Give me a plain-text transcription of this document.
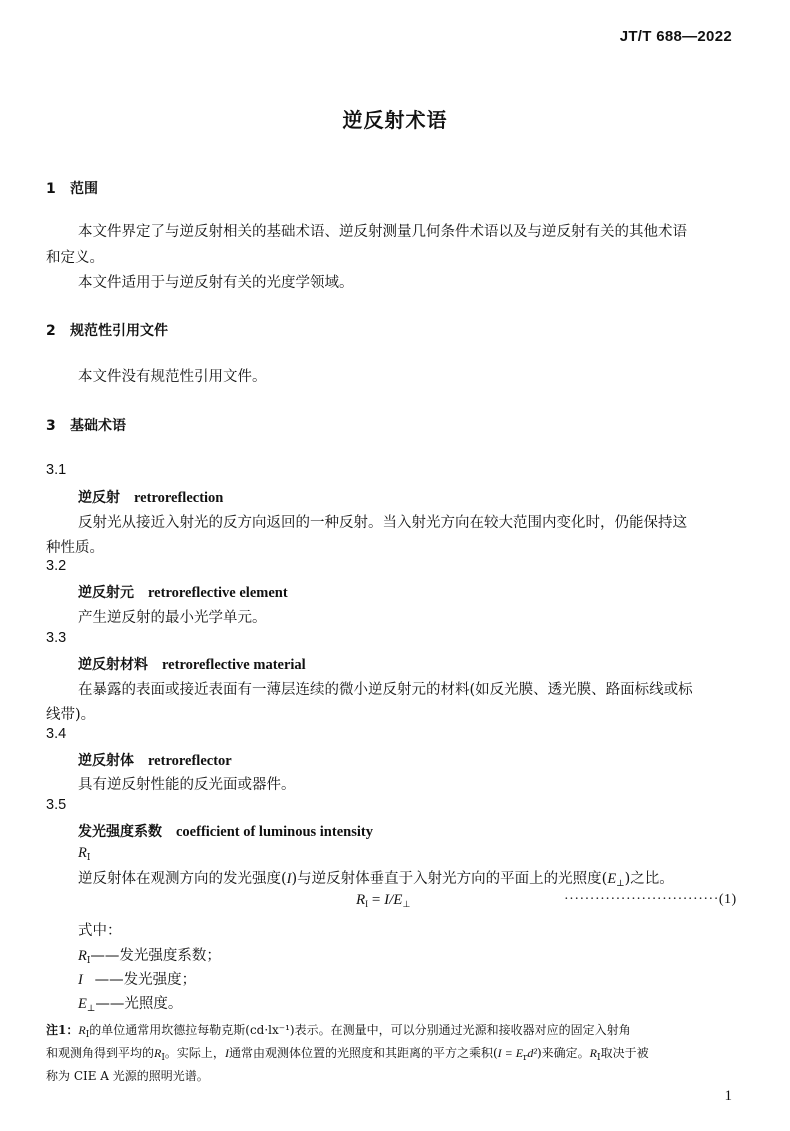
JT/T 688—2022
逆反射术语
1 范围
本文件界定了与逆反射相关的基础术语、逆反射测量几何条件术语以及与逆反射有关的其他术语
和定义。
本文件适用于与逆反射有关的光度学领域。
2 规范性引用文件
本文件没有规范性引用文件。
3 基础术语
3.1
逆反射 retroreflection
反射光从接近入射光的反方向返回的一种反射。当入射光方向在较大范围内变化时，仍能保持这
种性质。
3.2
逆反射元 retroreflective element
产生逆反射的最小光学单元。
3.3
逆反射材料 retroreflective material
在暴露的表面或接近表面有一薄层连续的微小逆反射元的材料(如反光膜、透光膜、路面标线或标
线带)。
3.4
逆反射体 retroreflector
具有逆反射性能的反光面或器件。
3.5
发光强度系数 coefficient of luminous intensity
$R_I$
逆反射体在观测方向的发光强度(I)与逆反射体垂直于入射光方向的平面上的光照度$(E_\perp)$之比。
$R_I = I/E_\perp$	······························(1)
式中：
$R_I——$发光强度系数；
I ——发光强度；
$E_\perp——$光照度。
注1：$R_I$的单位通常用坎德拉每勒克斯(cd·lx⁻¹)表示。在测量中，可以分别通过光源和接收器对应的固定入射角
和观测角得到平均的$R_I$。实际上，I通常由观测体位置的光照度和其距离的平方之乘积$(I = E_rd^2)$来确定。$R_I$取决于被
称为 CIE A 光源的照明光谱。
1
